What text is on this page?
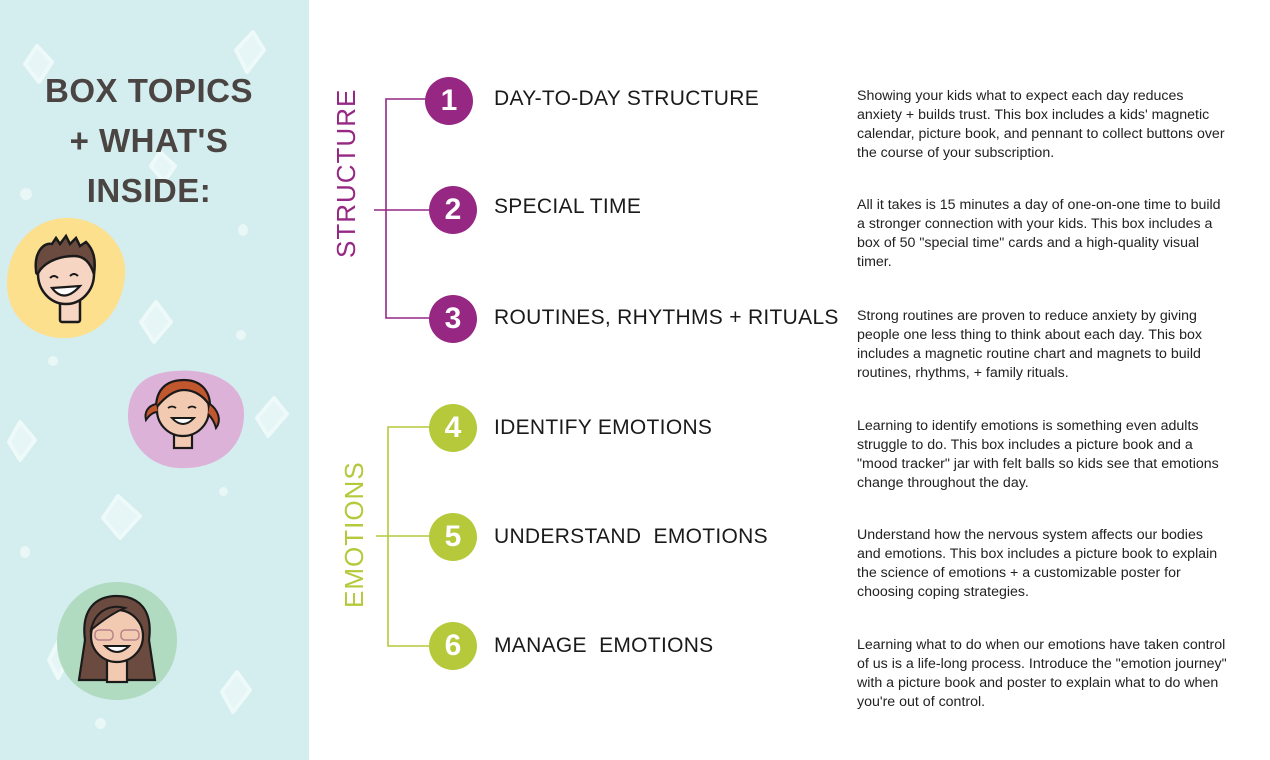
BOX TOPICS
+ WHAT'S
INSIDE:	STRUCTURE
EMOTIONS
1
2
3
4
5
6
DAY-TO-DAY STRUCTURE
SPECIAL TIME
ROUTINES, RHYTHMS + RITUALS
IDENTIFY EMOTIONS
UNDERSTAND  EMOTIONS
MANAGE  EMOTIONS
Showing your kids what to expect each day reduces anxiety + builds trust. This box includes a kids' magnetic calendar, picture book, and pennant to collect buttons over the course of your subscription.
All it takes is 15 minutes a day of one-on-one time to build a stronger connection with your kids. This box includes a box of 50 "special time" cards and a high-quality visual timer.
Strong routines are proven to reduce anxiety by giving people one less thing to think about each day. This box includes a magnetic routine chart and magnets to build routines, rhythms, + family rituals.
Learning to identify emotions is something even adults struggle to do. This box includes a picture book and a "mood tracker" jar with felt balls so kids see that emotions change throughout the day.
Understand how the nervous system affects our bodies and emotions. This box includes a picture book to explain the science of emotions + a customizable poster for choosing coping strategies.
Learning what to do when our emotions have taken control of us is a life-long process. Introduce the "emotion journey" with a picture book and poster to explain what to do when you're out of control.
